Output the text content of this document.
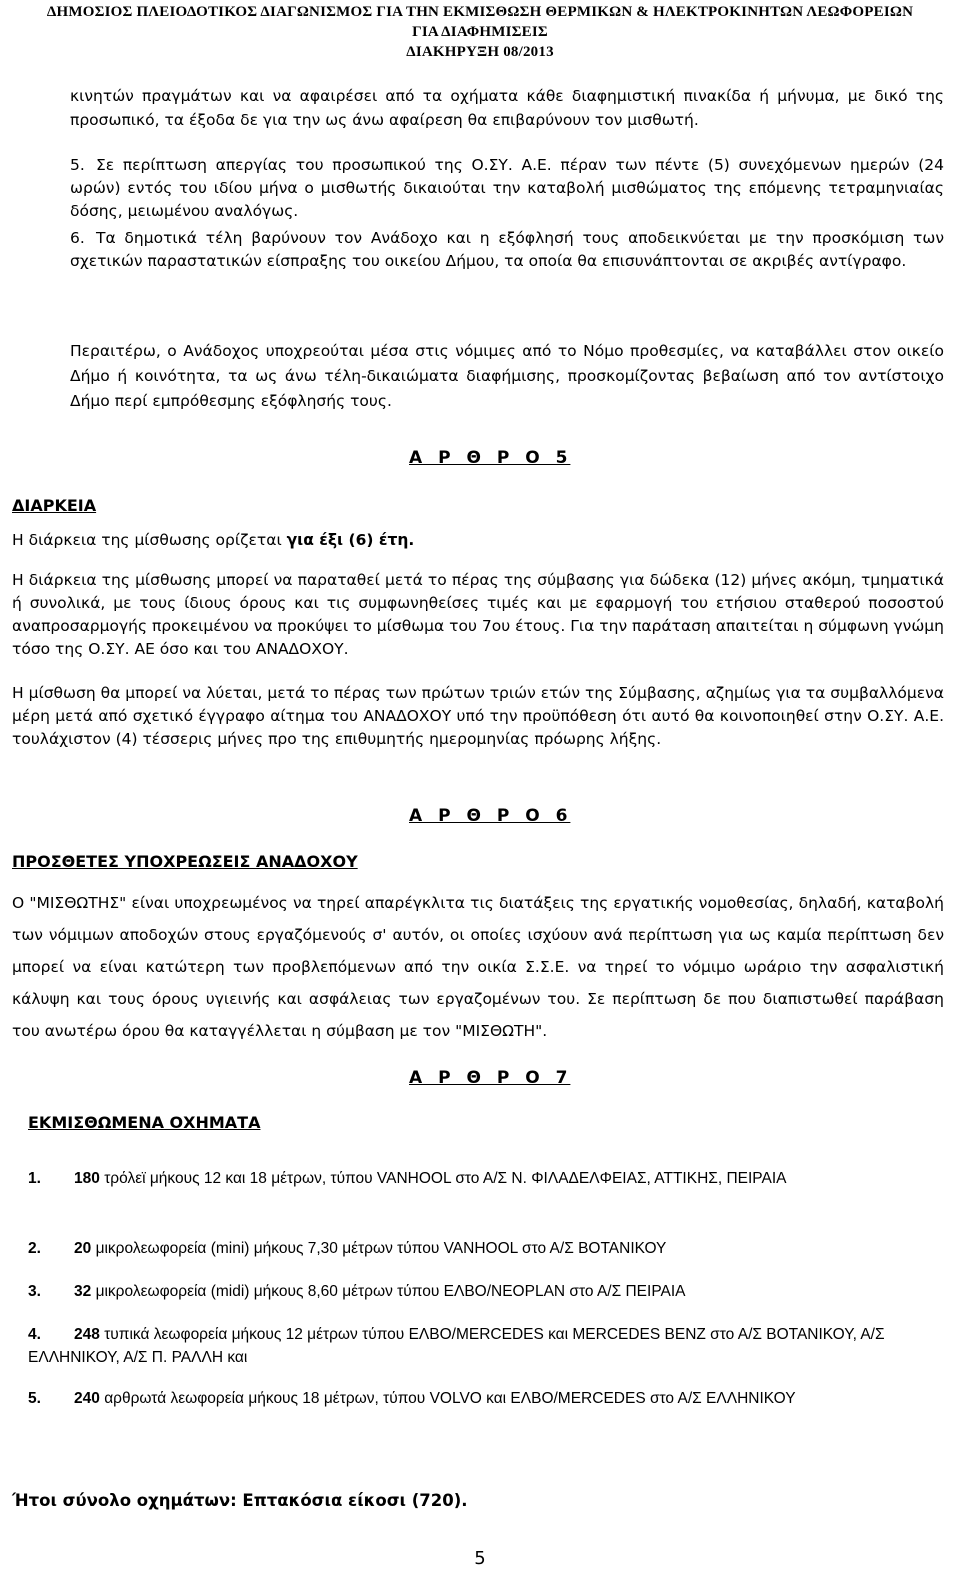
ΔΗΜΟΣΙΟΣ ΠΛΕΙΟΔΟΤΙΚΟΣ ΔΙΑΓΩΝΙΣΜΟΣ ΓΙΑ ΤΗΝ ΕΚΜΙΣΘΩΣΗ ΘΕΡΜΙΚΩΝ & ΗΛΕΚΤΡΟΚΙΝΗΤΩΝ ΛΕΩΦΟΡΕΙΩΝ
ΓΙΑ ΔΙΑΦΗΜΙΣΕΙΣ
ΔΙΑΚΗΡΥΞΗ 08/2013
κινητών πραγμάτων και να αφαιρέσει από τα οχήματα κάθε διαφημιστική πινακίδα ή μήνυμα, με δικό της προσωπικό, τα έξοδα δε για την ως άνω αφαίρεση θα επιβαρύνουν τον μισθωτή.
5. Σε περίπτωση απεργίας του προσωπικού της Ο.ΣΥ. Α.Ε. πέραν των πέντε (5) συνεχόμενων ημερών (24 ωρών) εντός του ιδίου μήνα ο μισθωτής δικαιούται την καταβολή μισθώματος της επόμενης τετραμηνιαίας δόσης, μειωμένου αναλόγως.
6. Τα δημοτικά τέλη βαρύνουν τον Ανάδοχο και η εξόφλησή τους αποδεικνύεται με την προσκόμιση των σχετικών παραστατικών είσπραξης του οικείου Δήμου, τα οποία θα επισυνάπτονται σε ακριβές αντίγραφο.
Περαιτέρω, ο Ανάδοχος υποχρεούται μέσα στις νόμιμες από το Νόμο προθεσμίες, να καταβάλλει στον οικείο Δήμο ή κοινότητα, τα ως άνω τέλη-δικαιώματα διαφήμισης, προσκομίζοντας βεβαίωση από τον αντίστοιχο Δήμο περί εμπρόθεσμης εξόφλησής τους.
Α Ρ Θ Ρ Ο 5
ΔΙΑΡΚΕΙΑ
Η διάρκεια της μίσθωσης ορίζεται για έξι (6) έτη.
Η διάρκεια της μίσθωσης μπορεί να παραταθεί μετά το πέρας της σύμβασης για δώδεκα (12) μήνες ακόμη, τμηματικά ή συνολικά, με τους ίδιους όρους και τις συμφωνηθείσες τιμές και με εφαρμογή του ετήσιου σταθερού ποσοστού αναπροσαρμογής προκειμένου να προκύψει το μίσθωμα του 7ου έτους. Για την παράταση απαιτείται η σύμφωνη γνώμη τόσο της Ο.ΣΥ. ΑΕ όσο και του ΑΝΑΔΟΧΟΥ.
Η μίσθωση θα μπορεί να λύεται, μετά το πέρας των πρώτων τριών ετών της Σύμβασης, αζημίως για τα συμβαλλόμενα μέρη μετά από σχετικό έγγραφο αίτημα του ΑΝΑΔΟΧΟΥ υπό την προϋπόθεση ότι αυτό θα κοινοποιηθεί στην Ο.ΣΥ. Α.Ε. τουλάχιστον (4) τέσσερις μήνες προ της επιθυμητής ημερομηνίας πρόωρης λήξης.
Α Ρ Θ Ρ Ο 6
ΠΡΟΣΘΕΤΕΣ ΥΠΟΧΡΕΩΣΕΙΣ ΑΝΑΔΟΧΟΥ
Ο "ΜΙΣΘΩΤΗΣ" είναι υποχρεωμένος να τηρεί απαρέγκλιτα τις διατάξεις της εργατικής νομοθεσίας, δηλαδή, καταβολή των νόμιμων αποδοχών στους εργαζόμενούς σ' αυτόν, οι οποίες ισχύουν ανά περίπτωση για ως καμία περίπτωση δεν μπορεί να είναι κατώτερη των προβλεπόμενων από την οικία Σ.Σ.Ε. να τηρεί το νόμιμο ωράριο την ασφαλιστική κάλυψη και τους όρους υγιεινής και ασφάλειας των εργαζομένων του. Σε περίπτωση δε που διαπιστωθεί παράβαση του ανωτέρω όρου θα καταγγέλλεται η σύμβαση με τον "ΜΙΣΘΩΤΗ".
Α Ρ Θ Ρ Ο 7
ΕΚΜΙΣΘΩΜΕΝΑ ΟΧΗΜΑΤΑ
1. 180 τρόλεϊ μήκους 12 και 18 μέτρων, τύπου VANHOOL στο Α/Σ Ν. ΦΙΛΑΔΕΛΦΕΙΑΣ, ΑΤΤΙΚΗΣ, ΠΕΙΡΑΙΑ
2. 20 μικρολεωφορεία (mini) μήκους 7,30 μέτρων τύπου VANHOOL στο Α/Σ ΒΟΤΑΝΙΚΟΥ
3. 32 μικρολεωφορεία (midi) μήκους 8,60 μέτρων τύπου ΕΛΒΟ/NEOPLAN στο Α/Σ ΠΕΙΡΑΙΑ
4. 248 τυπικά λεωφορεία μήκους 12 μέτρων τύπου ΕΛΒΟ/MERCEDES και MERCEDES BENZ στο Α/Σ ΒΟΤΑΝΙΚΟΥ, Α/Σ ΕΛΛΗΝΙΚΟΥ, Α/Σ Π. ΡΑΛΛΗ και
5. 240 αρθρωτά λεωφορεία μήκους 18 μέτρων, τύπου VOLVO και ΕΛΒΟ/MERCEDES στο Α/Σ ΕΛΛΗΝΙΚΟΥ
Ήτοι σύνολο οχημάτων: Επτακόσια είκοσι (720).
5
